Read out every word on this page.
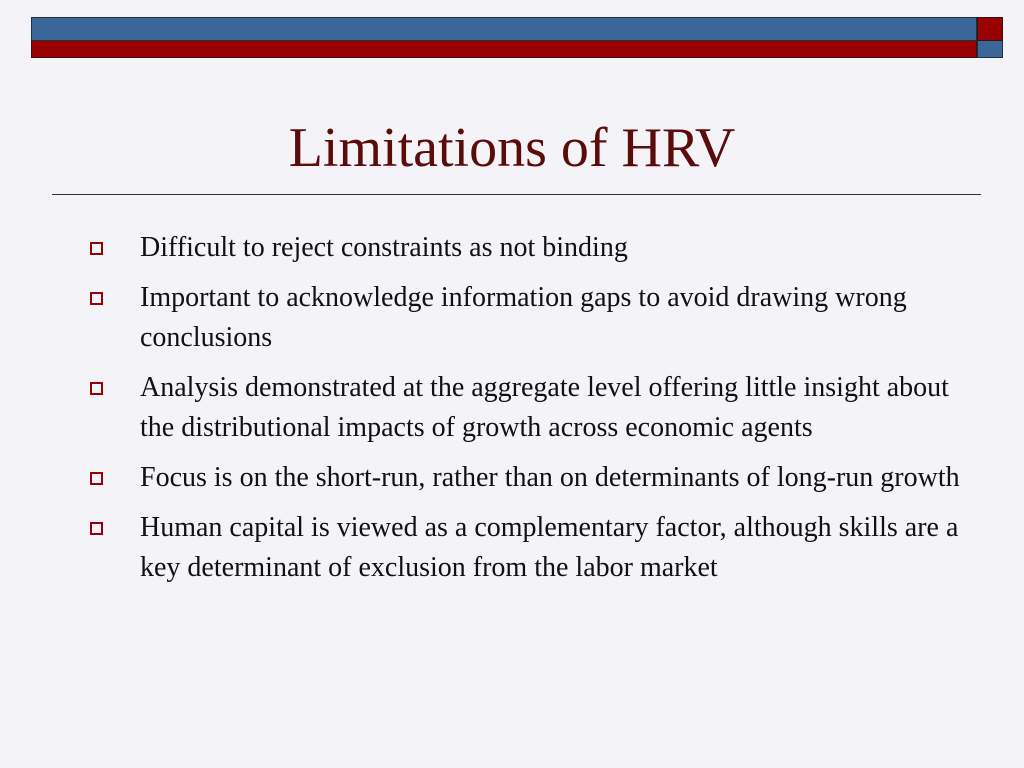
Limitations of HRV
Difficult to reject constraints as not binding
Important to acknowledge information gaps to avoid drawing wrong conclusions
Analysis demonstrated at the aggregate level offering little insight about  the distributional impacts of growth across economic agents
Focus is on the short-run, rather than on determinants of long-run growth
Human capital is viewed as a complementary factor, although skills are a key determinant of exclusion from the labor market
